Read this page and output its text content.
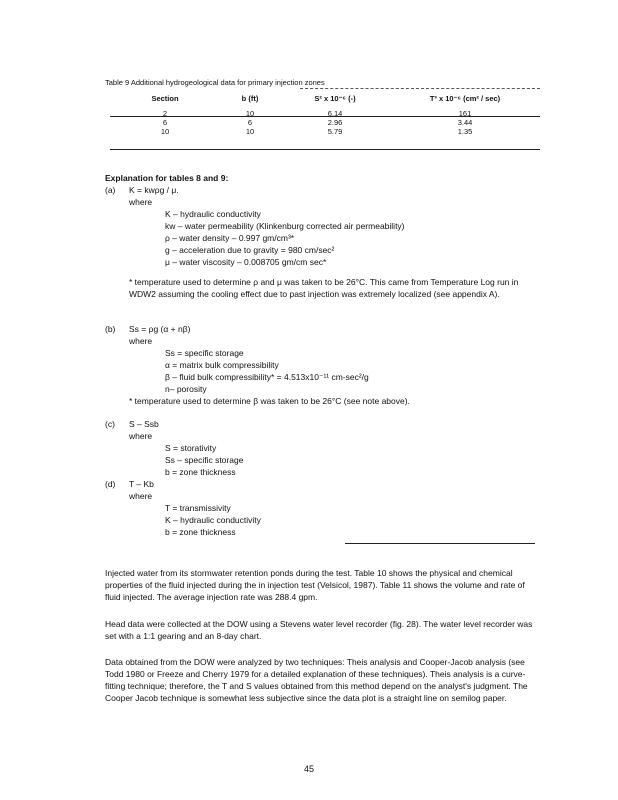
Table 9 Additional hydrogeological data for primary injection zones
Section	b (ft)	S² x 10⁻⁶ (-)	T³ x 10⁻⁶ (cm² / sec)
2	10	6.14	161
6	6	2.96	3.44
10	10	5.79	1.35
Explanation for tables 8 and 9:
(a) K = kwρg / μ.
where
K – hydraulic conductivity
kw – water permeability (Klinkenburg corrected air permeability)
ρ – water density – 0.997 gm/cm³*
g – acceleration due to gravity = 980 cm/sec²
μ – water viscosity – 0.008705 gm/cm sec*
* temperature used to determine ρ and μ was taken to be 26°C. This came from Temperature Log run in WDW2 assuming the cooling effect due to past injection was extremely localized (see appendix A).
(b) Ss = ρg (α + nβ)
where
Ss = specific storage
α = matrix bulk compressibility
β – fluid bulk compressibility* = 4.513x10⁻¹¹ cm-sec²/g
n– porosity
* temperature used to determine β was taken to be 26°C (see note above).
(c) S – Ssb
where
S = storativity
Ss – specific storage
b = zone thickness
(d) T – Kb
where
T = transmissivity
K – hydraulic conductivity
b = zone thickness
Injected water from its stormwater retention ponds during the test. Table 10 shows the physical and chemical properties of the fluid injected during the in injection test (Velsicol, 1987). Table 11 shows the volume and rate of fluid injected. The average injection rate was 288.4 gpm.
Head data were collected at the DOW using a Stevens water level recorder (fig. 28). The water level recorder was set with a 1:1 gearing and an 8-day chart.
Data obtained from the DOW were analyzed by two techniques: Theis analysis and Cooper-Jacob analysis (see Todd 1980 or Freeze and Cherry 1979 for a detailed explanation of these techniques). Theis analysis is a curve-fitting technique; therefore, the T and S values obtained from this method depend on the analyst's judgment. The Cooper Jacob technique is somewhat less subjective since the data plot is a straight line on semilog paper.
45
